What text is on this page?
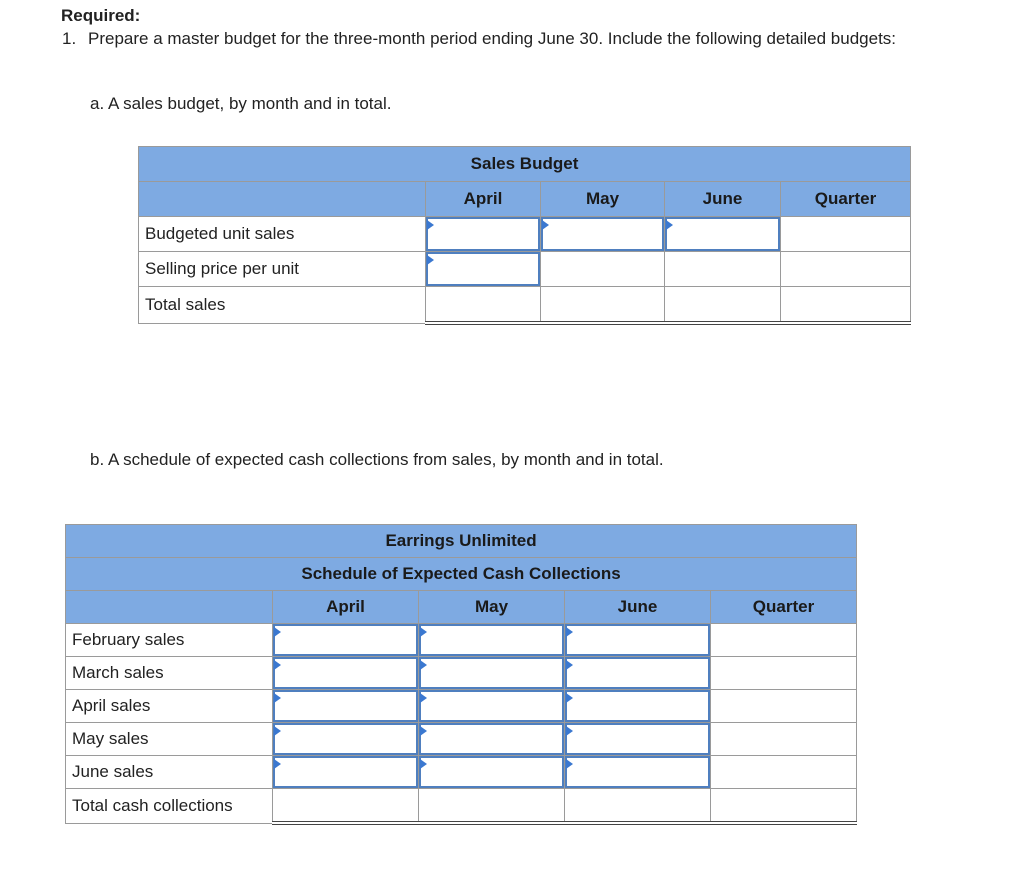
Required:
1. Prepare a master budget for the three-month period ending June 30. Include the following detailed budgets:
a. A sales budget, by month and in total.
Sales Budget				
	April	May	June	Quarter
Budgeted unit sales				
Selling price per unit				
Total sales				
b. A schedule of expected cash collections from sales, by month and in total.
Earrings Unlimited				
Schedule of Expected Cash Collections				
	April	May	June	Quarter
February sales				
March sales				
April sales				
May sales				
June sales				
Total cash collections				
